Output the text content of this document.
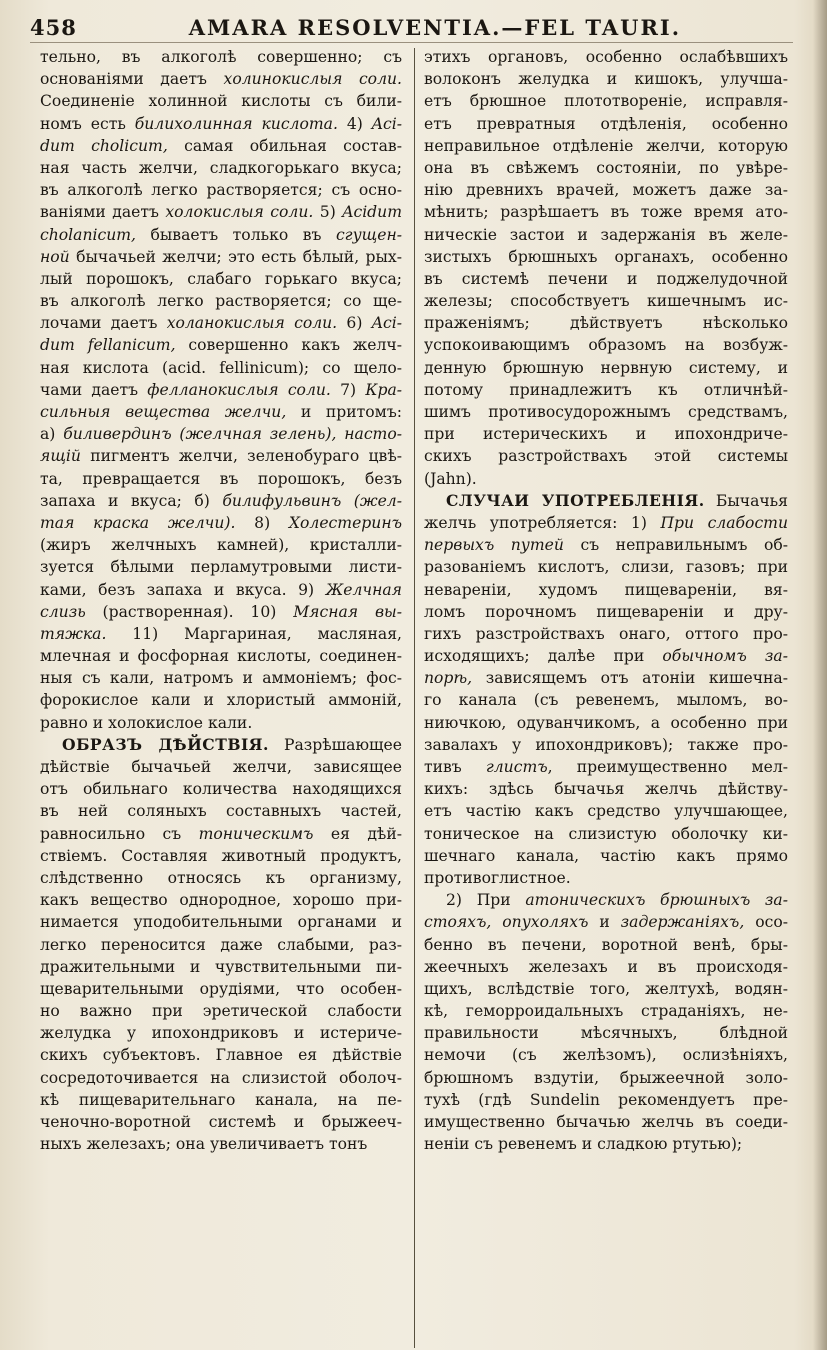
458	AMARA RESOLVENTIA.—FEL TAURI.
тельно, въ алкоголѣ совершенно; съ
основаніями даетъ холинокислыя соли.
Соединеніе холинной кислоты съ били-
номъ есть билихолинная кислота. 4) Aci-
dum cholicum, самая обильная состав-
ная часть желчи, сладкогорькаго вкуса;
въ алкоголѣ легко растворяется; съ осно-
ваніями даетъ холокислыя соли. 5) Acidum
cholanicum, бываетъ только въ сгущен-
ной бычачьей желчи; это есть бѣлый, рых-
лый порошокъ, слабаго горькаго вкуса;
въ алкоголѣ легко растворяется; со ще-
лочами даетъ холанокислыя соли. 6) Aci-
dum fellanicum, совершенно какъ желч-
ная кислота (acid. fellinicum); со щело-
чами даетъ фелланокислыя соли. 7) Кра-
сильныя вещества желчи, и притомъ:
a) биливердинъ (желчная зелень), насто-
ящій пигментъ желчи, зеленобураго цвѣ-
та, превращается въ порошокъ, безъ
запаха и вкуса; б) билифульвинъ (жел-
тая краска желчи). 8) Холестеринъ
(жиръ желчныхъ камней), кристалли-
зуется бѣлыми перламутровыми листи-
ками, безъ запаха и вкуса. 9) Желчная
слизь (растворенная). 10) Мясная вы-
тяжка. 11) Маргариная, масляная,
млечная и фосфорная кислоты, соединен-
ныя съ кали, натромъ и аммоніемъ; фос-
форокислое кали и хлористый аммоній,
равно и холокислое кали.
ОБРАЗЪ ДѢЙСТВІЯ. Разрѣшающее
дѣйствіе бычачьей желчи, зависящее
отъ обильнаго количества находящихся
въ ней соляныхъ составныхъ частей,
равносильно съ тоническимъ ея дѣй-
ствіемъ. Составляя животный продуктъ,
слѣдственно относясь къ организму,
какъ вещество однородное, хорошо при-
нимается уподобительными органами и
легко переносится даже слабыми, раз-
дражительными и чувствительными пи-
щеварительными орудіями, что особен-
но важно при эретической слабости
желудка у ипохондриковъ и истериче-
скихъ субъектовъ. Главное ея дѣйствіе
сосредоточивается на слизистой оболоч-
кѣ пищеварительнаго канала, на пе-
ченочно-воротной системѣ и брыжееч-
ныхъ железахъ; она увеличиваетъ тонъ
этихъ органовъ, особенно ослабѣвшихъ
волоконъ желудка и кишокъ, улучша-
етъ брюшное плототвореніе, исправля-
етъ превратныя отдѣленія, особенно
неправильное отдѣленіе желчи, которую
она въ свѣжемъ состояніи, по увѣре-
нію древнихъ врачей, можетъ даже за-
мѣнить; разрѣшаетъ въ тоже время ато-
ническіе застои и задержанія въ желе-
зистыхъ брюшныхъ органахъ, особенно
въ системѣ печени и поджелудочной
железы; способствуетъ кишечнымъ ис-
праженіямъ; дѣйствуетъ нѣсколько
успокоивающимъ образомъ на возбуж-
денную брюшную нервную систему, и
потому принадлежитъ къ отличнѣй-
шимъ противосудорожнымъ средствамъ,
при истерическихъ и ипохондриче-
скихъ разстройствахъ этой системы
(Jahn).
СЛУЧАИ УПОТРЕБЛЕНІЯ. Бычачья
желчь употребляется: 1) При слабости
первыхъ путей съ неправильнымъ об-
разованіемъ кислотъ, слизи, газовъ; при
неваренiи, худомъ пищевареніи, вя-
ломъ порочномъ пищевареніи и дру-
гихъ разстройствахъ онаго, оттого про-
исходящихъ; далѣе при обычномъ за-
порѣ, зависящемъ отъ атоніи кишечна-
го канала (съ ревенемъ, мыломъ, во-
ниючкою, одуванчикомъ, а особенно при
завалахъ у ипохондриковъ); также про-
тивъ глистъ, преимущественно мел-
кихъ: здѣсь бычачья желчь дѣйству-
етъ частію какъ средство улучшающее,
тоническое на слизистую оболочку ки-
шечнаго канала, частію какъ прямо
противоглистное.
2) При атоническихъ брюшныхъ за-
стояхъ, опухоляхъ и задержаніяхъ, осо-
бенно въ печени, воротной венѣ, бры-
жеечныхъ железахъ и въ происходя-
щихъ, вслѣдствіе того, желтухѣ, водян-
кѣ, геморроидальныхъ страданіяхъ, не-
правильности мѣсячныхъ, блѣдной
немочи (съ желѣзомъ), ослизѣніяхъ,
брюшномъ вздутіи, брыжеечной золо-
тухѣ (гдѣ Sundelin рекомендуетъ пре-
имущественно бычачью желчь въ соеди-
неніи съ ревенемъ и сладкою ртутью);
